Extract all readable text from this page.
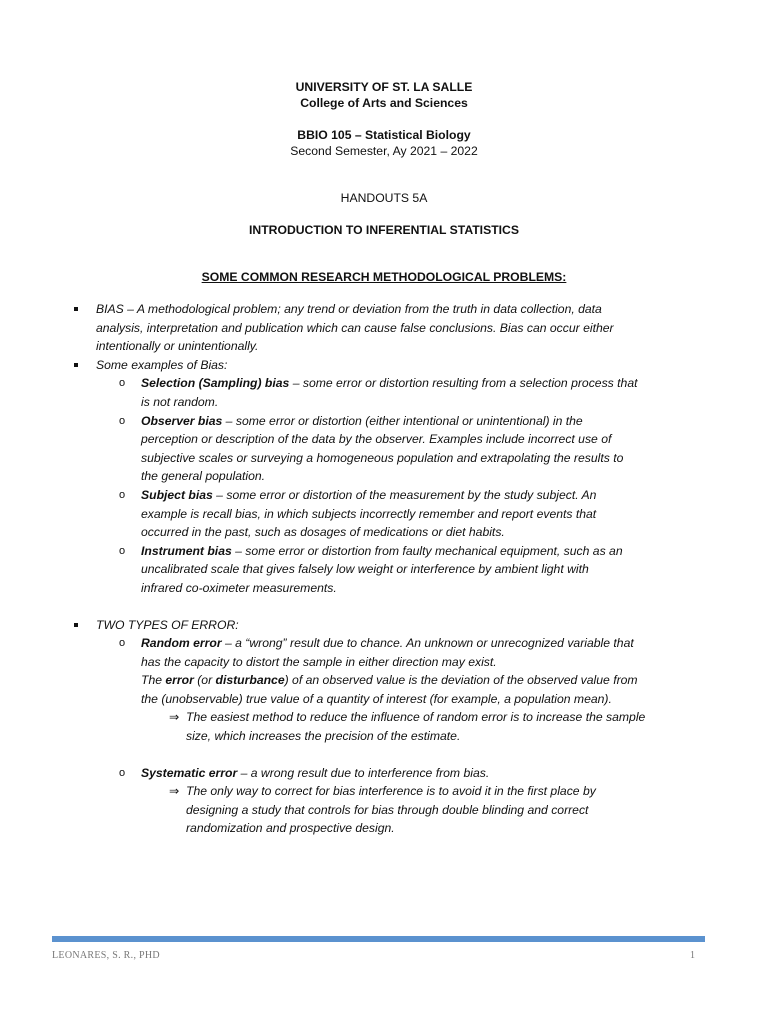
UNIVERSITY OF ST. LA SALLE
College of Arts and Sciences
BBIO 105 – Statistical Biology
Second Semester, Ay 2021 – 2022
HANDOUTS 5A
INTRODUCTION TO INFERENTIAL STATISTICS
SOME COMMON RESEARCH METHODOLOGICAL PROBLEMS:
BIAS – A methodological problem; any trend or deviation from the truth in data collection, data
analysis, interpretation and publication which can cause false conclusions. Bias can occur either
intentionally or unintentionally.
Some examples of Bias:
o Selection (Sampling) bias – some error or distortion resulting from a selection process that
is not random.
o Observer bias – some error or distortion (either intentional or unintentional) in the
perception or description of the data by the observer. Examples include incorrect use of
subjective scales or surveying a homogeneous population and extrapolating the results to
the general population.
o Subject bias – some error or distortion of the measurement by the study subject. An
example is recall bias, in which subjects incorrectly remember and report events that
occurred in the past, such as dosages of medications or diet habits.
o Instrument bias – some error or distortion from faulty mechanical equipment, such as an
uncalibrated scale that gives falsely low weight or interference by ambient light with
infrared co-oximeter measurements.
TWO TYPES OF ERROR:
o Random error – a “wrong” result due to chance. An unknown or unrecognized variable that
has the capacity to distort the sample in either direction may exist.
The error (or disturbance) of an observed value is the deviation of the observed value from
the (unobservable) true value of a quantity of interest (for example, a population mean).
⇒ The easiest method to reduce the influence of random error is to increase the sample
size, which increases the precision of the estimate.
o Systematic error – a wrong result due to interference from bias.
⇒ The only way to correct for bias interference is to avoid it in the first place by
designing a study that controls for bias through double blinding and correct
randomization and prospective design.
LEONARES, S. R., PHD	1
